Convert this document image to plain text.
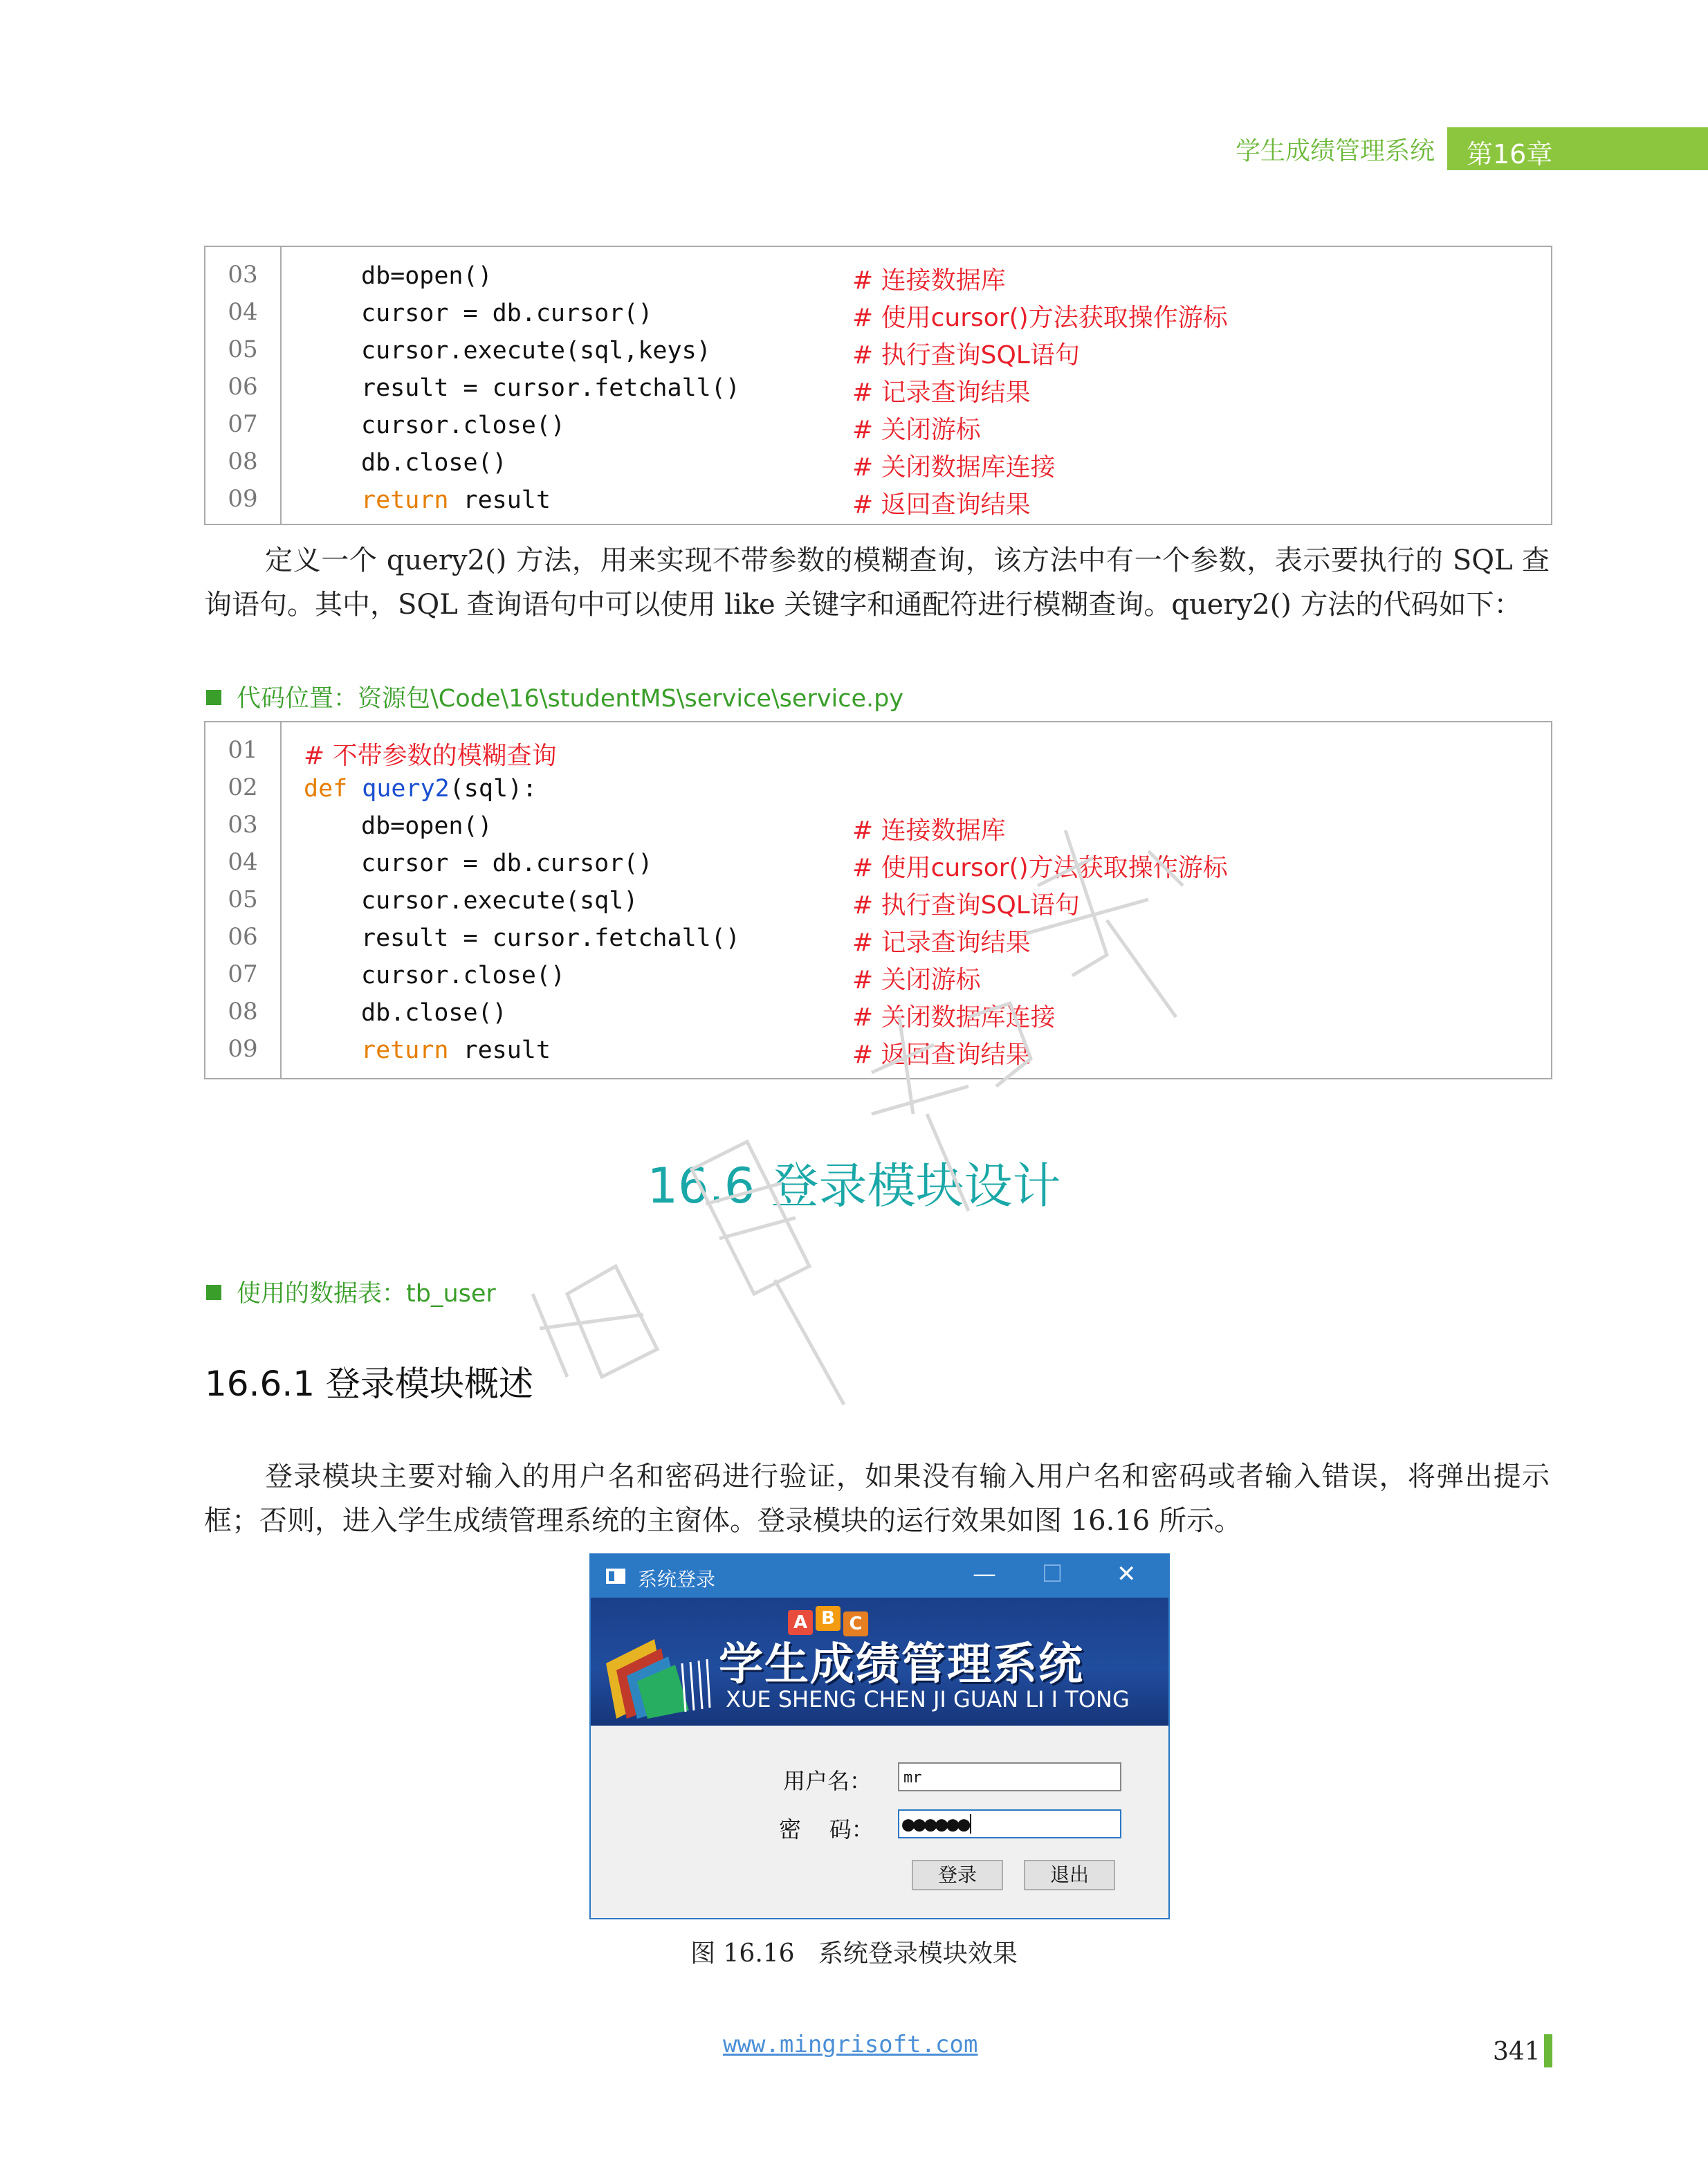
学生成绩管理系统 第16章
03	db=open()	# 连接数据库
04	cursor = db.cursor()	# 使用cursor()方法获取操作游标
05	cursor.execute(sql,keys)	# 执行查询SQL语句
06	result = cursor.fetchall()	# 记录查询结果
07	cursor.close()	# 关闭游标
08	db.close()	# 关闭数据库连接
09	return result	# 返回查询结果
定义一个 query2() 方法，用来实现不带参数的模糊查询，该方法中有一个参数，表示要执行的 SQL 查询语句。其中，SQL 查询语句中可以使用 like 关键字和通配符进行模糊查询。query2() 方法的代码如下：
代码位置：资源包\Code\16\studentMS\service\service.py
01	# 不带参数的模糊查询
02	def query2(sql):
03	db=open()	# 连接数据库
04	cursor = db.cursor()	# 使用cursor()方法获取操作游标
05	cursor.execute(sql)	# 执行查询SQL语句
06	result = cursor.fetchall()	# 记录查询结果
07	cursor.close()	# 关闭游标
08	db.close()	# 关闭数据库连接
09	return result	# 返回查询结果
16.6 登录模块设计
使用的数据表：tb_user
16.6.1 登录模块概述
登录模块主要对输入的用户名和密码进行验证，如果没有输入用户名和密码或者输入错误，将弹出提示框；否则，进入学生成绩管理系统的主窗体。登录模块的运行效果如图 16.16 所示。
系统登录	— ☐ ✕
A B C
学生成绩管理系统
XUE SHENG CHEN JI GUAN LI I TONG
用户名：	mr
密    码： ●●●●●●
登录	退出
图 16.16   系统登录模块效果
www.mingrisoft.com	341
